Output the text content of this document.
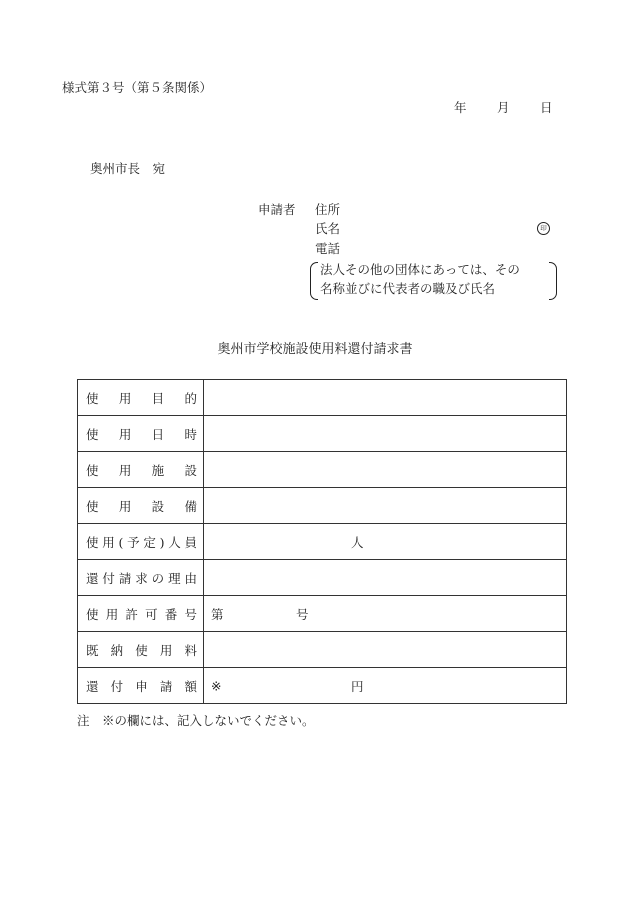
様式第３号（第５条関係）
年 月 日
奥州市長　宛
申請者 住所
氏名	印
電話
法人その他の団体にあっては、その
名称並びに代表者の職及び氏名
奥州市学校施設使用料還付請求書
使用目的	

使用日時	

使用施設	

使用設備	

使用(予定)人員	人

還付請求の理由	

使用許可番号	第 号

既納使用料	

還付申請額	※ 円
注　※の欄には、記入しないでください。
